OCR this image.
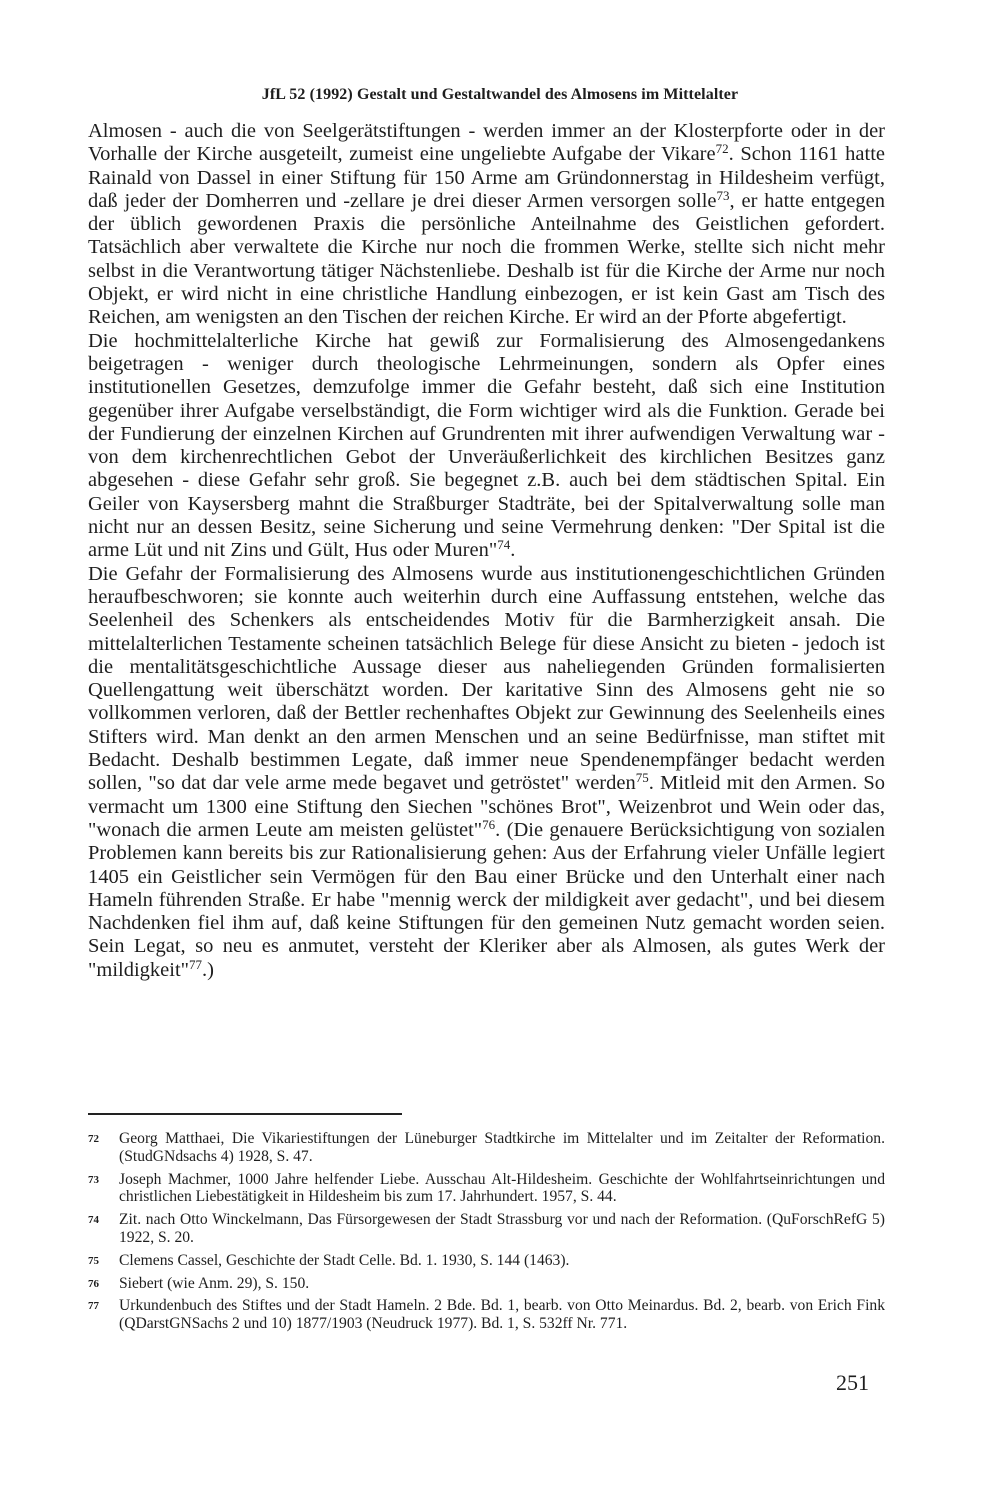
JfL 52 (1992) Gestalt und Gestaltwandel des Almosens im Mittelalter

Almosen - auch die von Seelgerätstiftungen - werden immer an der Klosterpforte oder in der Vorhalle der Kirche ausgeteilt, zumeist eine ungeliebte Aufgabe der Vikare$^{72}$. Schon 1161 hatte Rainald von Dassel in einer Stiftung für 150 Arme am Gründonnerstag in Hildesheim verfügt, daß jeder der Domherren und -zellare je drei dieser Armen versorgen solle$^{73}$, er hatte entgegen der üblich gewordenen Praxis die persönliche Anteilnahme des Geistlichen gefordert. Tatsächlich aber verwaltete die Kirche nur noch die frommen Werke, stellte sich nicht mehr selbst in die Verantwortung tätiger Nächstenliebe. Deshalb ist für die Kirche der Arme nur noch Objekt, er wird nicht in eine christliche Handlung einbezogen, er ist kein Gast am Tisch des Reichen, am wenigsten an den Tischen der reichen Kirche. Er wird an der Pforte abgefertigt.

Die hochmittelalterliche Kirche hat gewiß zur Formalisierung des Almosengedankens beigetragen - weniger durch theologische Lehrmeinungen, sondern als Opfer eines institutionellen Gesetzes, demzufolge immer die Gefahr besteht, daß sich eine Institution gegenüber ihrer Aufgabe verselbständigt, die Form wichtiger wird als die Funktion. Gerade bei der Fundierung der einzelnen Kirchen auf Grundrenten mit ihrer aufwendigen Verwaltung war - von dem kirchenrechtlichen Gebot der Unveräußerlichkeit des kirchlichen Besitzes ganz abgesehen - diese Gefahr sehr groß. Sie begegnet z.B. auch bei dem städtischen Spital. Ein Geiler von Kaysersberg mahnt die Straßburger Stadträte, bei der Spitalverwaltung solle man nicht nur an dessen Besitz, seine Sicherung und seine Vermehrung denken: "Der Spital ist die arme Lüt und nit Zins und Gült, Hus oder Muren"$^{74}$.

Die Gefahr der Formalisierung des Almosens wurde aus institutionengeschichtlichen Gründen heraufbeschworen; sie konnte auch weiterhin durch eine Auffassung entstehen, welche das Seelenheil des Schenkers als entscheidendes Motiv für die Barmherzigkeit ansah. Die mittelalterlichen Testamente scheinen tatsächlich Belege für diese Ansicht zu bieten - jedoch ist die mentalitätsgeschichtliche Aussage dieser aus naheliegenden Gründen formalisierten Quellengattung weit überschätzt worden. Der karitative Sinn des Almosens geht nie so vollkommen verloren, daß der Bettler rechenhaftes Objekt zur Gewinnung des Seelenheils eines Stifters wird. Man denkt an den armen Menschen und an seine Bedürfnisse, man stiftet mit Bedacht. Deshalb bestimmen Legate, daß immer neue Spendenempfänger bedacht werden sollen, "so dat dar vele arme mede begavet und getröstet" werden$^{75}$. Mitleid mit den Armen. So vermacht um 1300 eine Stiftung den Siechen "schönes Brot", Weizenbrot und Wein oder das, "wonach die armen Leute am meisten gelüstet"$^{76}$. (Die genauere Berücksichtigung von sozialen Problemen kann bereits bis zur Rationalisierung gehen: Aus der Erfahrung vieler Unfälle legiert 1405 ein Geistlicher sein Vermögen für den Bau einer Brücke und den Unterhalt einer nach Hameln führenden Straße. Er habe "mennig werck der mildigkeit aver gedacht", und bei diesem Nachdenken fiel ihm auf, daß keine Stiftungen für den gemeinen Nutz gemacht worden seien. Sein Legat, so neu es anmutet, versteht der Kleriker aber als Almosen, als gutes Werk der "mildigkeit"$^{77}$.)

72 Georg Matthaei, Die Vikariestiftungen der Lüneburger Stadtkirche im Mittelalter und im Zeitalter der Reformation. (StudGNdsachs 4) 1928, S. 47.
73 Joseph Machmer, 1000 Jahre helfender Liebe. Ausschau Alt-Hildesheim. Geschichte der Wohlfahrtseinrichtungen und christlichen Liebestätigkeit in Hildesheim bis zum 17. Jahrhundert. 1957, S. 44.
74 Zit. nach Otto Winckelmann, Das Fürsorgewesen der Stadt Strassburg vor und nach der Reformation. (QuForschRefG 5) 1922, S. 20.
75 Clemens Cassel, Geschichte der Stadt Celle. Bd. 1. 1930, S. 144 (1463).
76 Siebert (wie Anm. 29), S. 150.
77 Urkundenbuch des Stiftes und der Stadt Hameln. 2 Bde. Bd. 1, bearb. von Otto Meinardus. Bd. 2, bearb. von Erich Fink (QDarstGNSachs 2 und 10) 1877/1903 (Neudruck 1977). Bd. 1, S. 532ff Nr. 771.
251
